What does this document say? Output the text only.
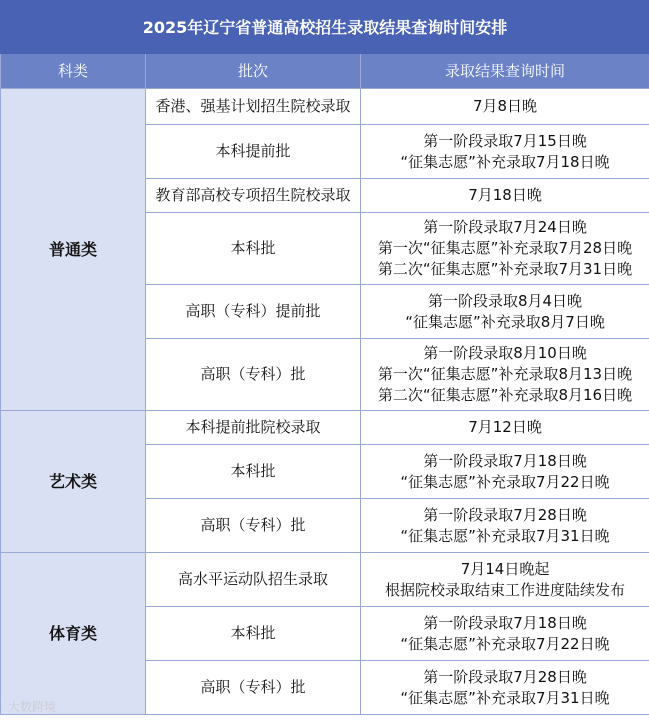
2025年辽宁省普通高校招生录取结果查询时间安排		
科类	批次	录取结果查询时间
普通类	香港、强基计划招生院校录取	7月8日晚
	本科提前批	第一阶段录取7月15日晚
“征集志愿”补充录取7月18日晚
	教育部高校专项招生院校录取	7月18日晚
	本科批	第一阶段录取7月24日晚
第一次“征集志愿”补充录取7月28日晚
第二次“征集志愿”补充录取7月31日晚
	高职（专科）提前批	第一阶段录取8月4日晚
“征集志愿”补充录取8月7日晚
	高职（专科）批	第一阶段录取8月10日晚
第一次“征集志愿”补充录取8月13日晚
第二次“征集志愿”补充录取8月16日晚
艺术类	本科提前批院校录取	7月12日晚
	本科批	第一阶段录取7月18日晚
“征集志愿”补充录取7月22日晚
	高职（专科）批	第一阶段录取7月28日晚
“征集志愿”补充录取7月31日晚
体育类	高水平运动队招生录取	7月14日晚起
根据院校录取结束工作进度陆续发布
	本科批	第一阶段录取7月18日晚
“征集志愿”补充录取7月22日晚
	高职（专科）批	第一阶段录取7月28日晚
“征集志愿”补充录取7月31日晚
大数跨境
